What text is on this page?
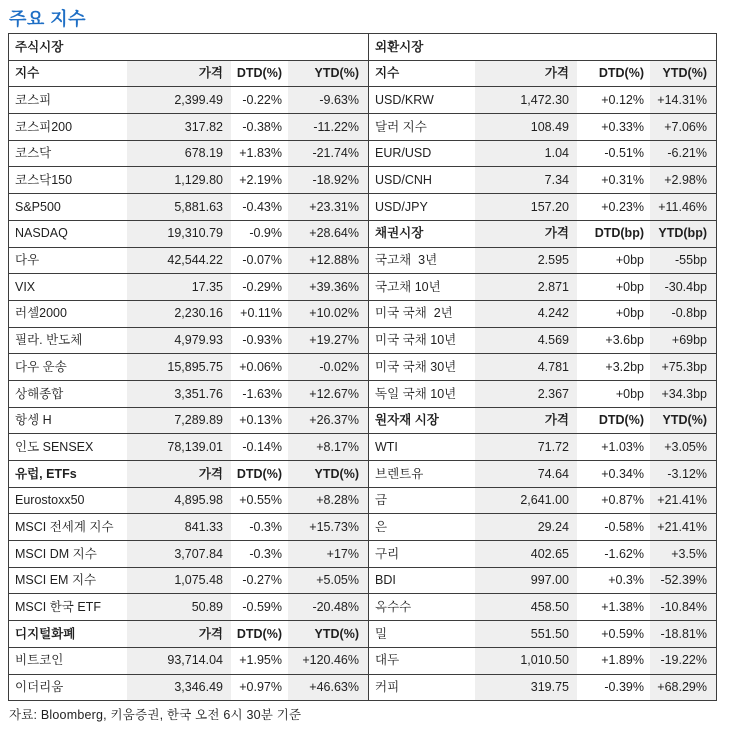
주요 지수
주식시장
지수	가격	DTD(%)	YTD(%)
코스피	2,399.49	-0.22%	-9.63%
코스피200	317.82	-0.38%	-11.22%
코스닥	678.19	+1.83%	-21.74%
코스닥150	1,129.80	+2.19%	-18.92%
S&P500	5,881.63	-0.43%	+23.31%
NASDAQ	19,310.79	-0.9%	+28.64%
다우	42,544.22	-0.07%	+12.88%
VIX	17.35	-0.29%	+39.36%
러셀2000	2,230.16	+0.11%	+10.02%
필라. 반도체	4,979.93	-0.93%	+19.27%
다우 운송	15,895.75	+0.06%	-0.02%
상해종합	3,351.76	-1.63%	+12.67%
항셍 H	7,289.89	+0.13%	+26.37%
인도 SENSEX	78,139.01	-0.14%	+8.17%
유럽, ETFs	가격	DTD(%)	YTD(%)
Eurostoxx50	4,895.98	+0.55%	+8.28%
MSCI 전세계 지수	841.33	-0.3%	+15.73%
MSCI DM 지수	3,707.84	-0.3%	+17%
MSCI EM 지수	1,075.48	-0.27%	+5.05%
MSCI 한국 ETF	50.89	-0.59%	-20.48%
디지털화폐	가격	DTD(%)	YTD(%)
비트코인	93,714.04	+1.95%	+120.46%
이더리움	3,346.49	+0.97%	+46.63%
외환시장
지수	가격	DTD(%)	YTD(%)
USD/KRW	1,472.30	+0.12%	+14.31%
달러 지수	108.49	+0.33%	+7.06%
EUR/USD	1.04	-0.51%	-6.21%
USD/CNH	7.34	+0.31%	+2.98%
USD/JPY	157.20	+0.23%	+11.46%
채권시장	가격	DTD(bp)	YTD(bp)
국고채  3년	2.595	+0bp	-55bp
국고채 10년	2.871	+0bp	-30.4bp
미국 국채  2년	4.242	+0bp	-0.8bp
미국 국채 10년	4.569	+3.6bp	+69bp
미국 국채 30년	4.781	+3.2bp	+75.3bp
독일 국채 10년	2.367	+0bp	+34.3bp
원자재 시장	가격	DTD(%)	YTD(%)
WTI	71.72	+1.03%	+3.05%
브렌트유	74.64	+0.34%	-3.12%
금	2,641.00	+0.87%	+21.41%
은	29.24	-0.58%	+21.41%
구리	402.65	-1.62%	+3.5%
BDI	997.00	+0.3%	-52.39%
옥수수	458.50	+1.38%	-10.84%
밀	551.50	+0.59%	-18.81%
대두	1,010.50	+1.89%	-19.22%
커피	319.75	-0.39%	+68.29%
자료: Bloomberg, 키움증권, 한국 오전 6시 30분 기준
